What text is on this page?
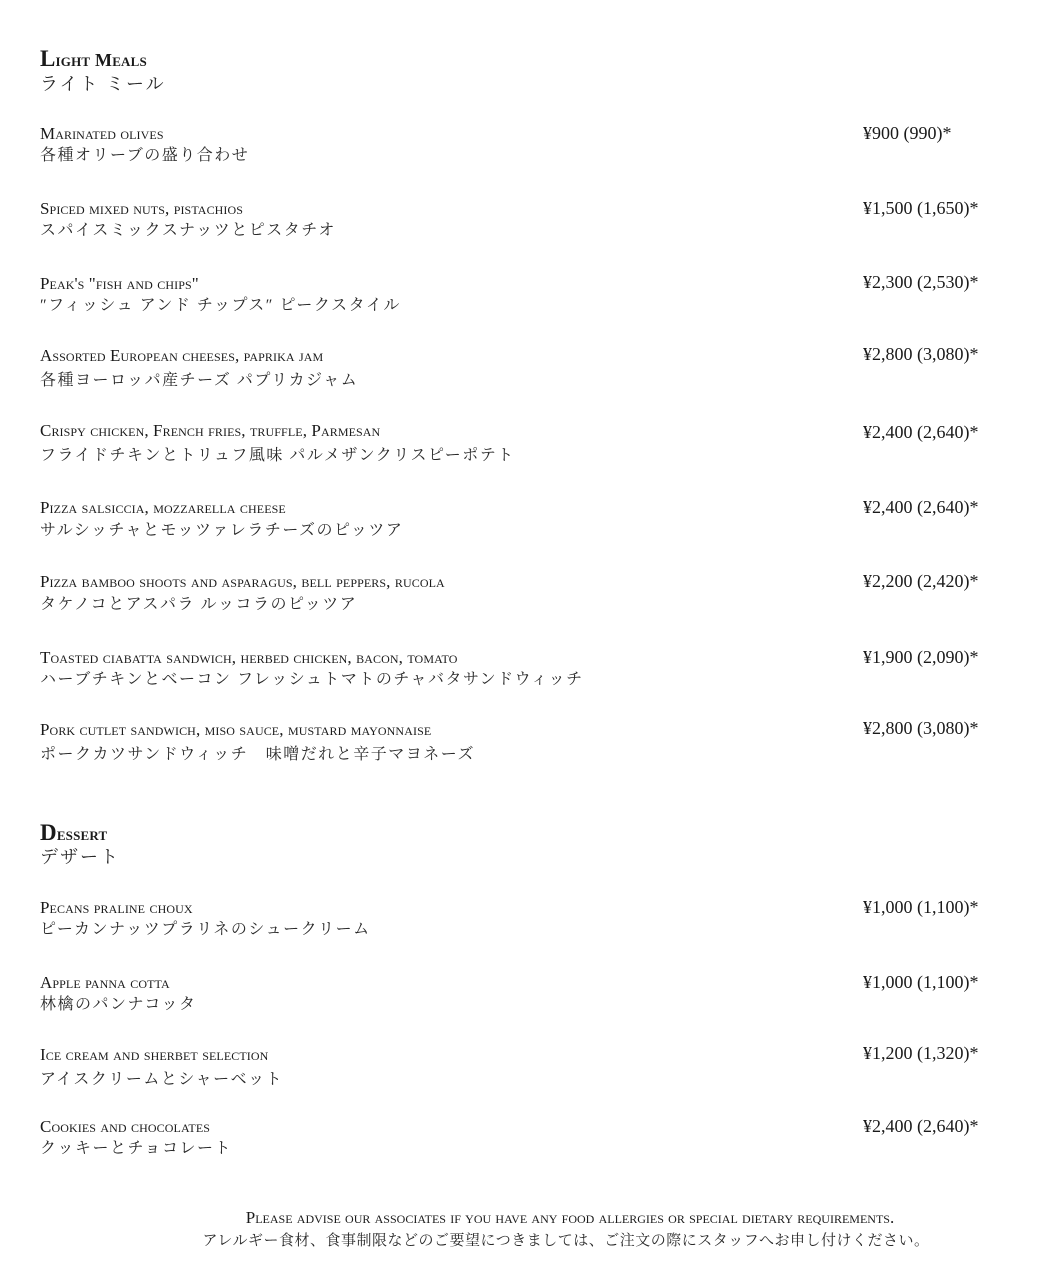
Light Meals
ライト ミール
Marinated olives
各種オリーブの盛り合わせ
¥900 (990)*
Spiced mixed nuts, pistachios
スパイスミックスナッツとピスタチオ
¥1,500 (1,650)*
Peak's "fish and chips"
″フィッシュ アンド チップス″ ピークスタイル
¥2,300 (2,530)*
Assorted European cheeses, paprika jam
各種ヨーロッパ産チーズ パプリカジャム
¥2,800 (3,080)*
Crispy chicken, French fries, truffle, Parmesan
フライドチキンとトリュフ風味 パルメザンクリスピーポテト
¥2,400 (2,640)*
Pizza salsiccia, mozzarella cheese
サルシッチャとモッツァレラチーズのピッツア
¥2,400 (2,640)*
Pizza bamboo shoots and asparagus, bell peppers, rucola
タケノコとアスパラ ルッコラのピッツア
¥2,200 (2,420)*
Toasted ciabatta sandwich, herbed chicken, bacon, tomato
ハーブチキンとベーコン フレッシュトマトのチャバタサンドウィッチ
¥1,900 (2,090)*
Pork cutlet sandwich, miso sauce, mustard mayonnaise
ポークカツサンドウィッチ　味噌だれと辛子マヨネーズ
¥2,800 (3,080)*
Dessert
デザート
Pecans praline choux
ピーカンナッツプラリネのシュークリーム
¥1,000 (1,100)*
Apple panna cotta
林檎のパンナコッタ
¥1,000 (1,100)*
Ice cream and sherbet selection
アイスクリームとシャーベット
¥1,200 (1,320)*
Cookies and chocolates
クッキーとチョコレート
¥2,400 (2,640)*
Please advise our associates if you have any food allergies or special dietary requirements.
アレルギー食材、食事制限などのご要望につきましては、ご注文の際にスタッフへお申し付けください。
